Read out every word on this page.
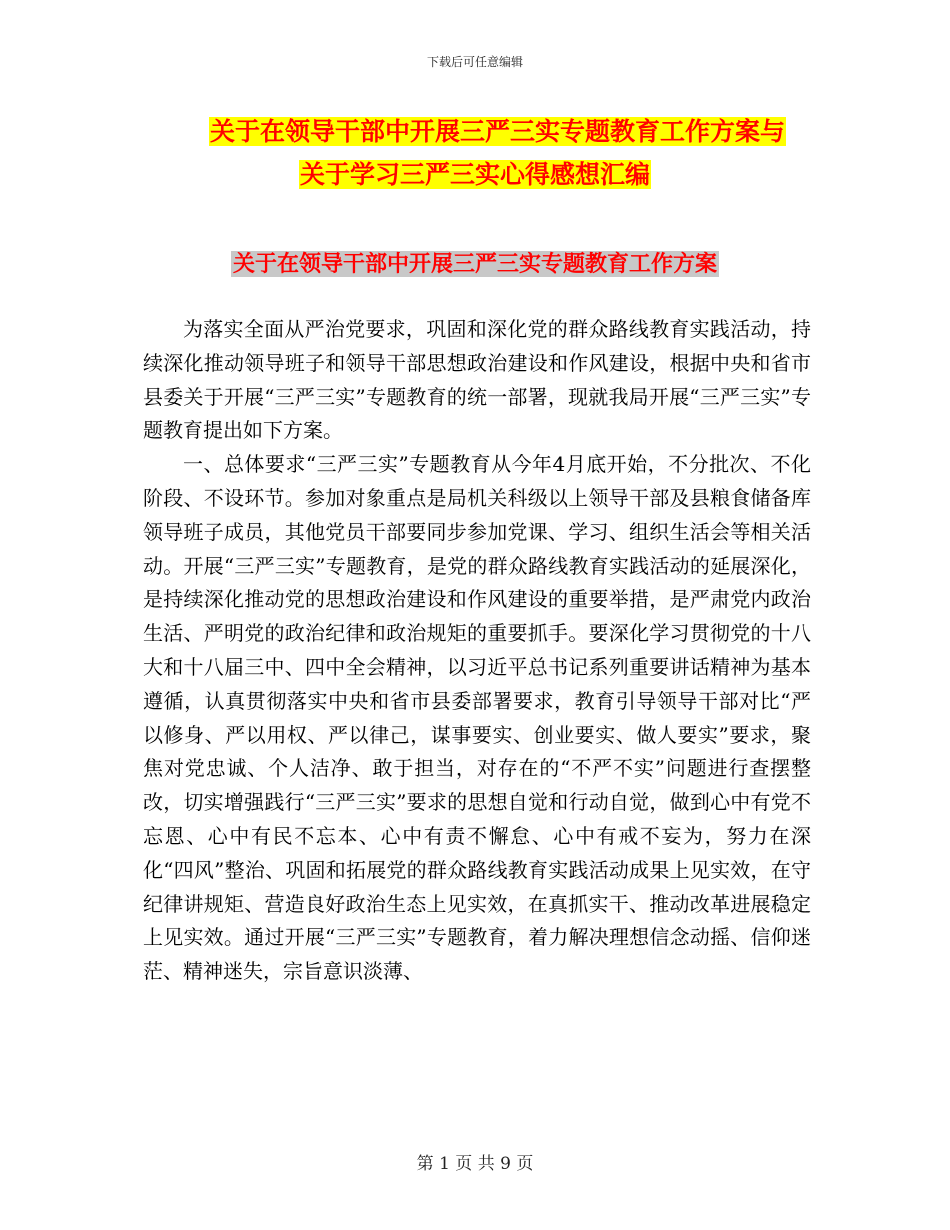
下载后可任意编辑
关于在领导干部中开展三严三实专题教育工作方案与
关于学习三严三实心得感想汇编
关于在领导干部中开展三严三实专题教育工作方案

为落实全面从严治党要求，巩固和深化党的群众路线教育实践活动，持续深化推动领导班子和领导干部思想政治建设和作风建设，根据中央和省市县委关于开展“三严三实”专题教育的统一部署，现就我局开展“三严三实”专题教育提出如下方案。

一、总体要求“三严三实”专题教育从今年4月底开始，不分批次、不化阶段、不设环节。参加对象重点是局机关科级以上领导干部及县粮食储备库领导班子成员，其他党员干部要同步参加党课、学习、组织生活会等相关活动。开展“三严三实”专题教育，是党的群众路线教育实践活动的延展深化，是持续深化推动党的思想政治建设和作风建设的重要举措，是严肃党内政治生活、严明党的政治纪律和政治规矩的重要抓手。要深化学习贯彻党的十八大和十八届三中、四中全会精神，以习近平总书记系列重要讲话精神为基本遵循，认真贯彻落实中央和省市县委部署要求，教育引导领导干部对比“严以修身、严以用权、严以律己，谋事要实、创业要实、做人要实”要求，聚焦对党忠诚、个人洁净、敢于担当，对存在的“不严不实”问题进行查摆整改，切实增强践行“三严三实”要求的思想自觉和行动自觉，做到心中有党不忘恩、心中有民不忘本、心中有责不懈怠、心中有戒不妄为，努力在深化“四风”整治、巩固和拓展党的群众路线教育实践活动成果上见实效，在守纪律讲规矩、营造良好政治生态上见实效，在真抓实干、推动改革进展稳定上见实效。通过开展“三严三实”专题教育，着力解决理想信念动摇、信仰迷茫、精神迷失，宗旨意识淡薄、

第 1 页 共 9 页
